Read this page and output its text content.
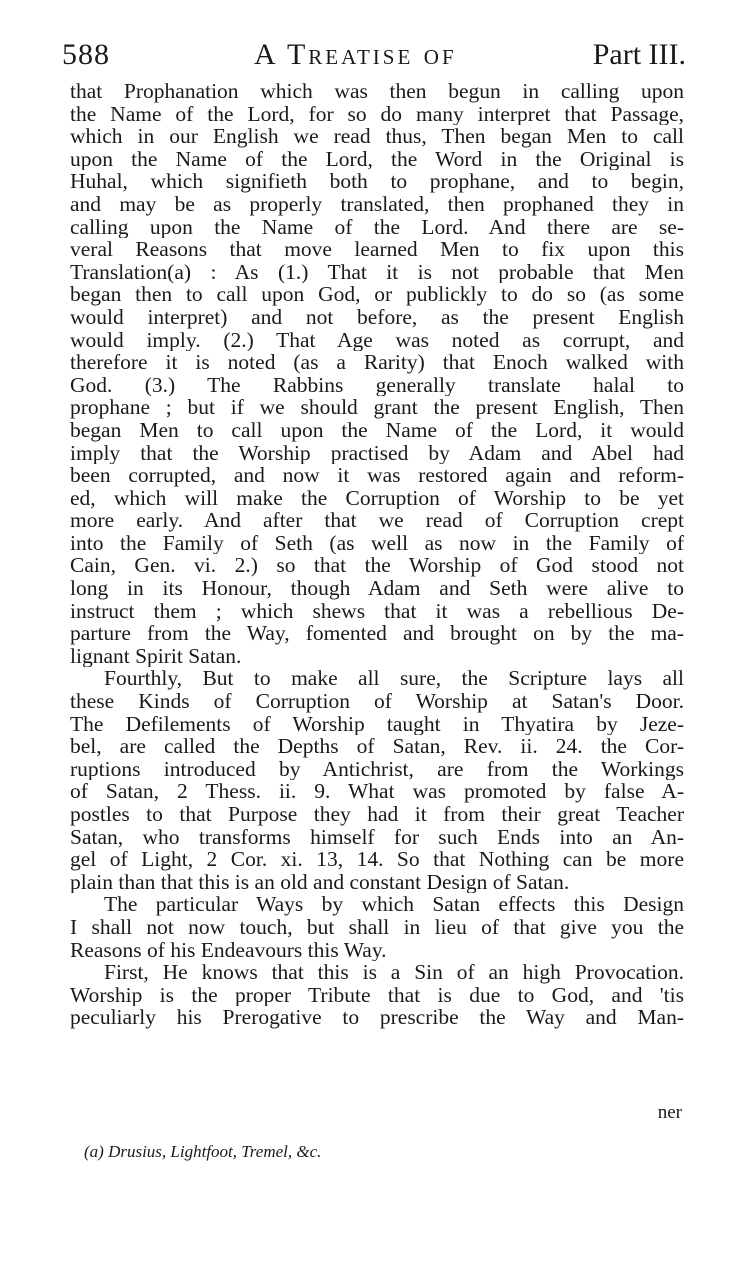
588	A Treatise of	Part III.
that Prophanation which was then begun in calling upon
the Name of the Lord, for so do many interpret that Passage,
which in our English we read thus, Then began Men to call
upon the Name of the Lord, the Word in the Original is
Huhal, which signifieth both to prophane, and to begin,
and may be as properly translated, then prophaned they in
calling upon the Name of the Lord. And there are se-
veral Reasons that move learned Men to fix upon this
Translation(a) : As (1.) That it is not probable that Men
began then to call upon God, or publickly to do so (as some
would interpret) and not before, as the present English
would imply. (2.) That Age was noted as corrupt, and
therefore it is noted (as a Rarity) that Enoch walked with
God. (3.) The Rabbins generally translate halal to
prophane ; but if we should grant the present English, Then
began Men to call upon the Name of the Lord, it would
imply that the Worship practised by Adam and Abel had
been corrupted, and now it was restored again and reform-
ed, which will make the Corruption of Worship to be yet
more early. And after that we read of Corruption crept
into the Family of Seth (as well as now in the Family of
Cain, Gen. vi. 2.) so that the Worship of God stood not
long in its Honour, though Adam and Seth were alive to
instruct them ; which shews that it was a rebellious De-
parture from the Way, fomented and brought on by the ma-
lignant Spirit Satan.
Fourthly, But to make all sure, the Scripture lays all
these Kinds of Corruption of Worship at Satan's Door.
The Defilements of Worship taught in Thyatira by Jeze-
bel, are called the Depths of Satan, Rev. ii. 24. the Cor-
ruptions introduced by Antichrist, are from the Workings
of Satan, 2 Thess. ii. 9. What was promoted by false A-
postles to that Purpose they had it from their great Teacher
Satan, who transforms himself for such Ends into an An-
gel of Light, 2 Cor. xi. 13, 14. So that Nothing can be more
plain than that this is an old and constant Design of Satan.
The particular Ways by which Satan effects this Design
I shall not now touch, but shall in lieu of that give you the
Reasons of his Endeavours this Way.
First, He knows that this is a Sin of an high Provocation.
Worship is the proper Tribute that is due to God, and 'tis
peculiarly his Prerogative to prescribe the Way and Man-
ner
(a) Drusius, Lightfoot, Tremel, &c.
